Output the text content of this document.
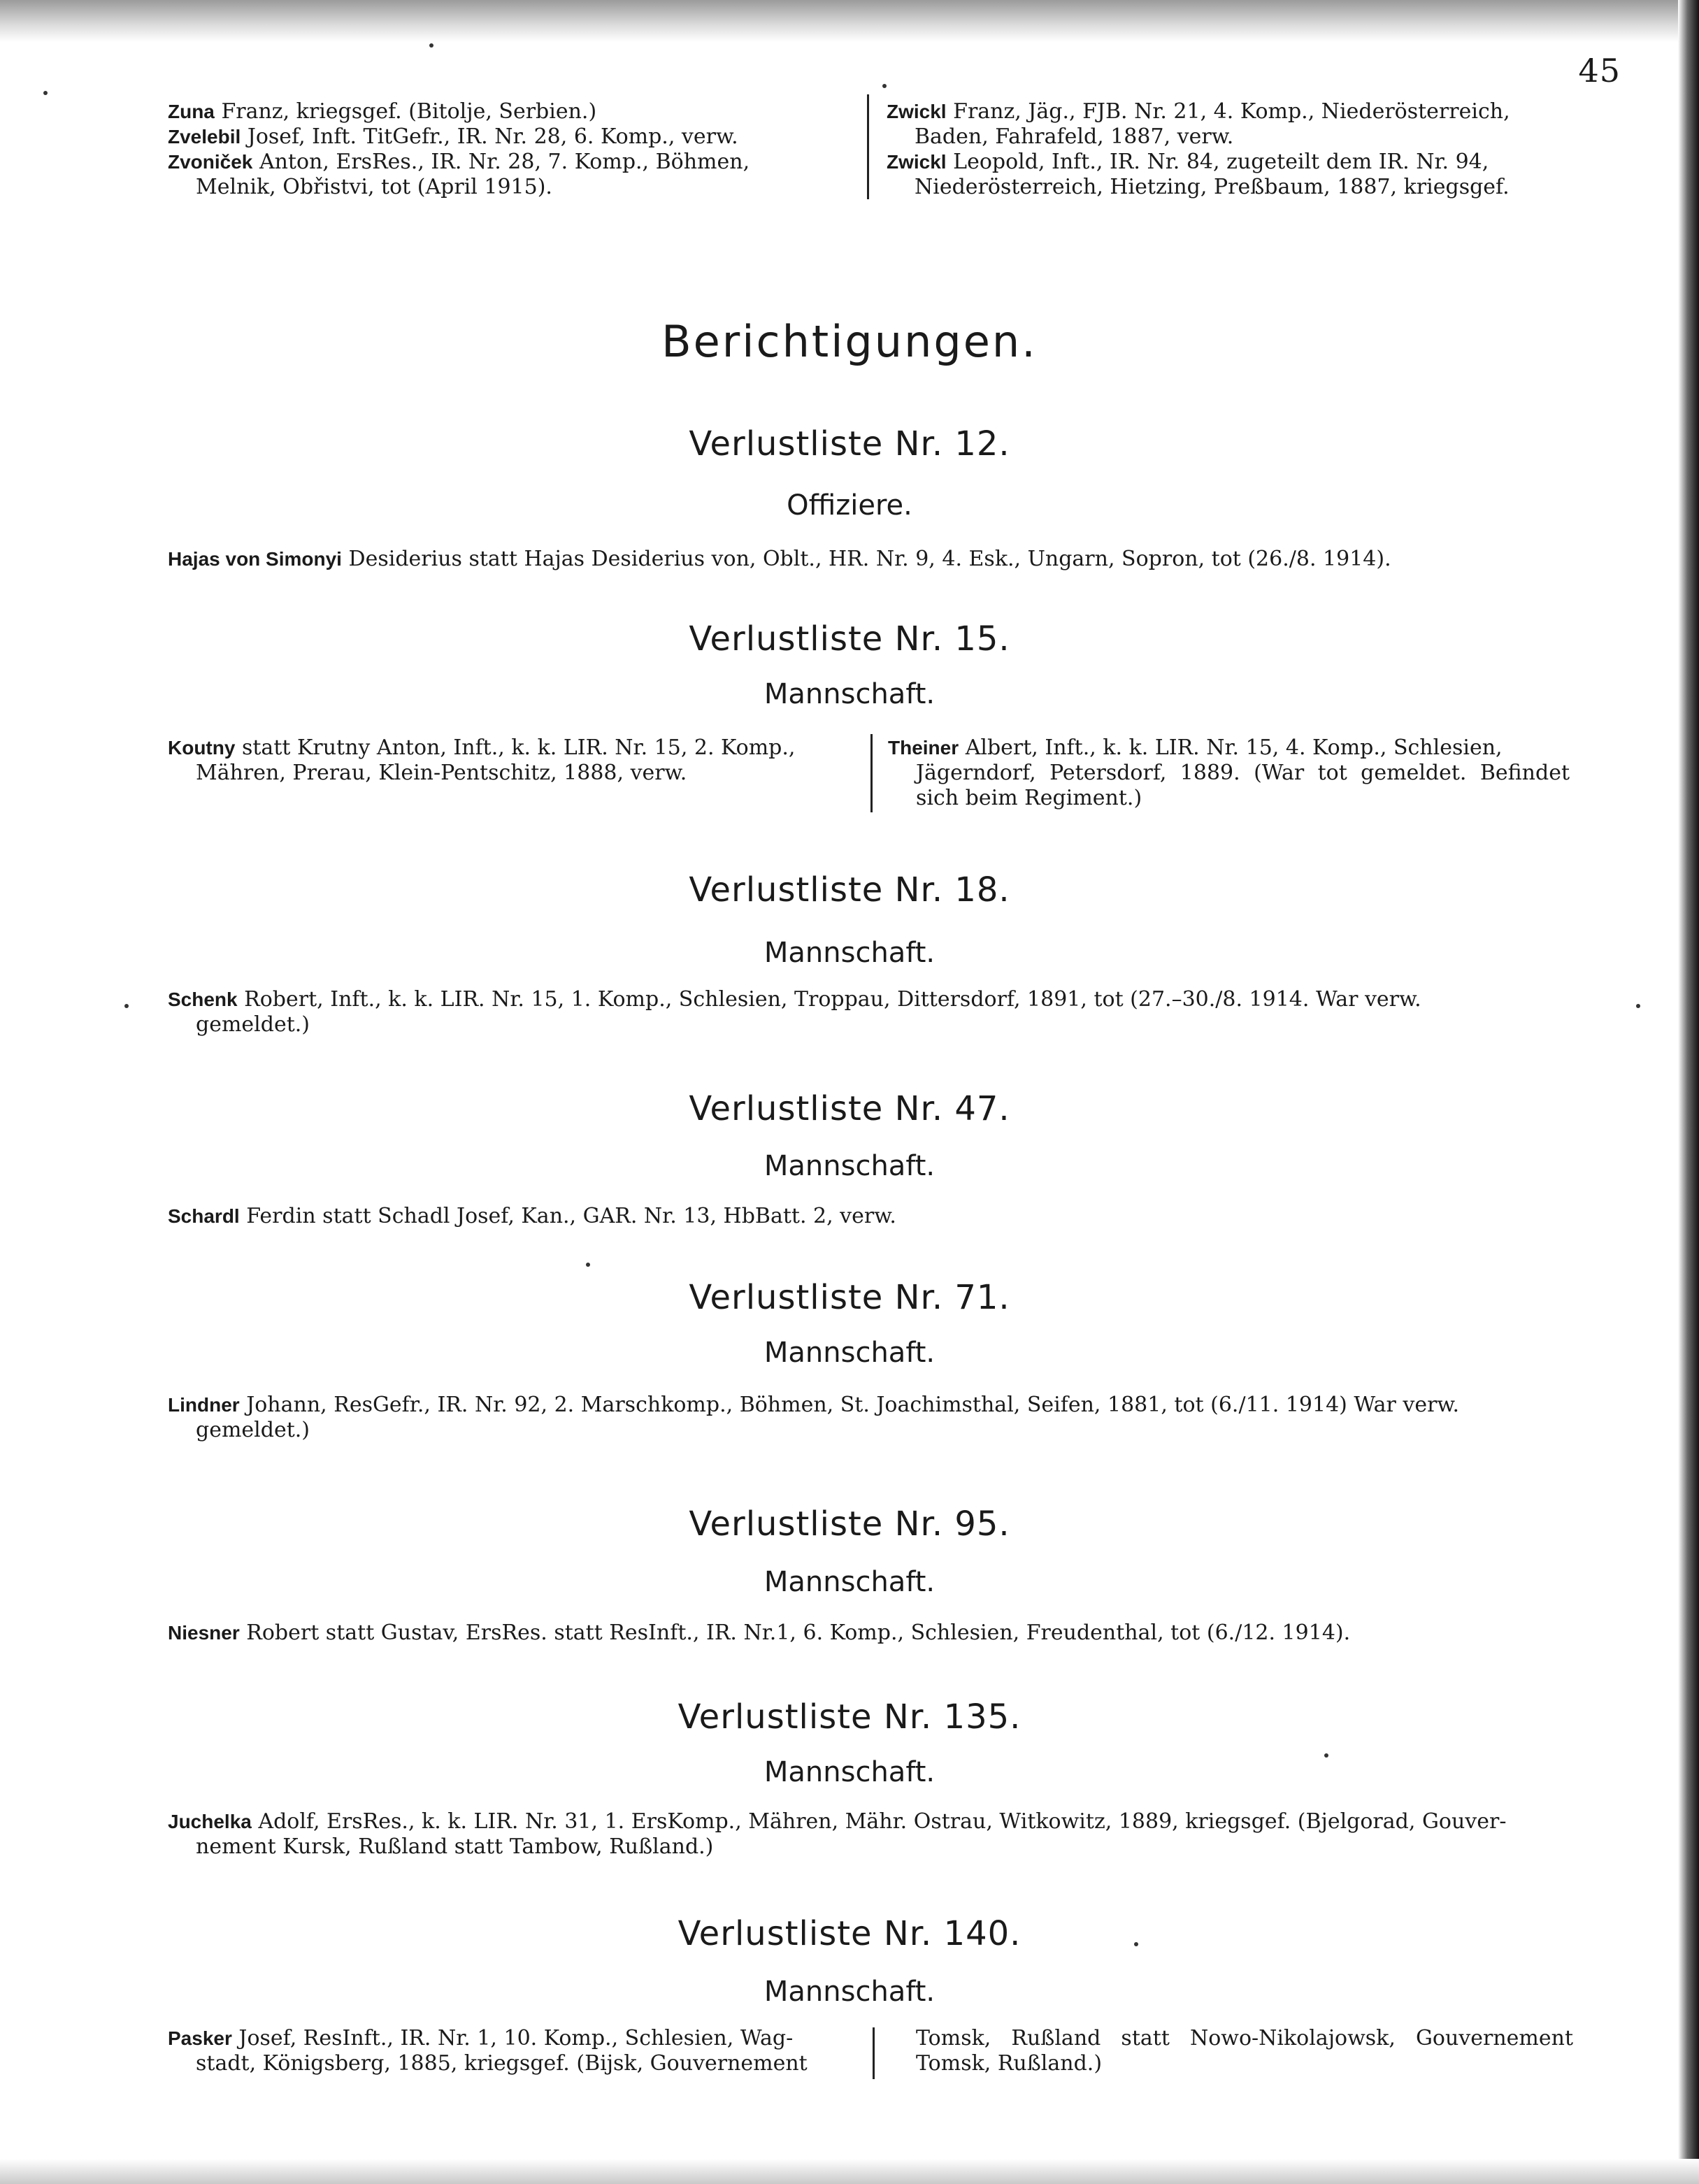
45
Zuna Franz, kriegsgef. (Bitolje, Serbien.)
Zvelebil Josef, Inft. TitGefr., IR. Nr. 28, 6. Komp., verw.
Zvoniček Anton, ErsRes., IR. Nr. 28, 7. Komp., Böhmen,
Melnik, Obřistvi, tot (April 1915).
Zwickl Franz, Jäg., FJB. Nr. 21, 4. Komp., Niederösterreich,
Baden, Fahrafeld, 1887, verw.
Zwickl Leopold, Inft., IR. Nr. 84, zugeteilt dem IR. Nr. 94,
Niederösterreich, Hietzing, Preßbaum, 1887, kriegsgef.
Berichtigungen.
Verlustliste Nr. 12.
Offiziere.
Hajas von Simonyi Desiderius statt Hajas Desiderius von, Oblt., HR. Nr. 9, 4. Esk., Ungarn, Sopron, tot (26./8. 1914).
Verlustliste Nr. 15.
Mannschaft.
Koutny statt Krutny Anton, Inft., k. k. LIR. Nr. 15, 2. Komp.,
Mähren, Prerau, Klein-Pentschitz, 1888, verw.
Theiner Albert, Inft., k. k. LIR. Nr. 15, 4. Komp., Schlesien,
Jägerndorf, Petersdorf, 1889. (War tot gemeldet. Befindet sich beim Regiment.)
Verlustliste Nr. 18.
Mannschaft.
Schenk Robert, Inft., k. k. LIR. Nr. 15, 1. Komp., Schlesien, Troppau, Dittersdorf, 1891, tot (27.–30./8. 1914. War verw.
gemeldet.)
Verlustliste Nr. 47.
Mannschaft.
Schardl Ferdin statt Schadl Josef, Kan., GAR. Nr. 13, HbBatt. 2, verw.
Verlustliste Nr. 71.
Mannschaft.
Lindner Johann, ResGefr., IR. Nr. 92, 2. Marschkomp., Böhmen, St. Joachimsthal, Seifen, 1881, tot (6./11. 1914) War verw.
gemeldet.)
Verlustliste Nr. 95.
Mannschaft.
Niesner Robert statt Gustav, ErsRes. statt ResInft., IR. Nr.1, 6. Komp., Schlesien, Freudenthal, tot (6./12. 1914).
Verlustliste Nr. 135.
Mannschaft.
Juchelka Adolf, ErsRes., k. k. LIR. Nr. 31, 1. ErsKomp., Mähren, Mähr. Ostrau, Witkowitz, 1889, kriegsgef. (Bjelgorad, Gouver-
nement Kursk, Rußland statt Tambow, Rußland.)
Verlustliste Nr. 140.
Mannschaft.
Pasker Josef, ResInft., IR. Nr. 1, 10. Komp., Schlesien, Wag-
stadt, Königsberg, 1885, kriegsgef. (Bijsk, Gouvernement
Tomsk, Rußland statt Nowo-Nikolajowsk, Gouvernement Tomsk, Rußland.)
